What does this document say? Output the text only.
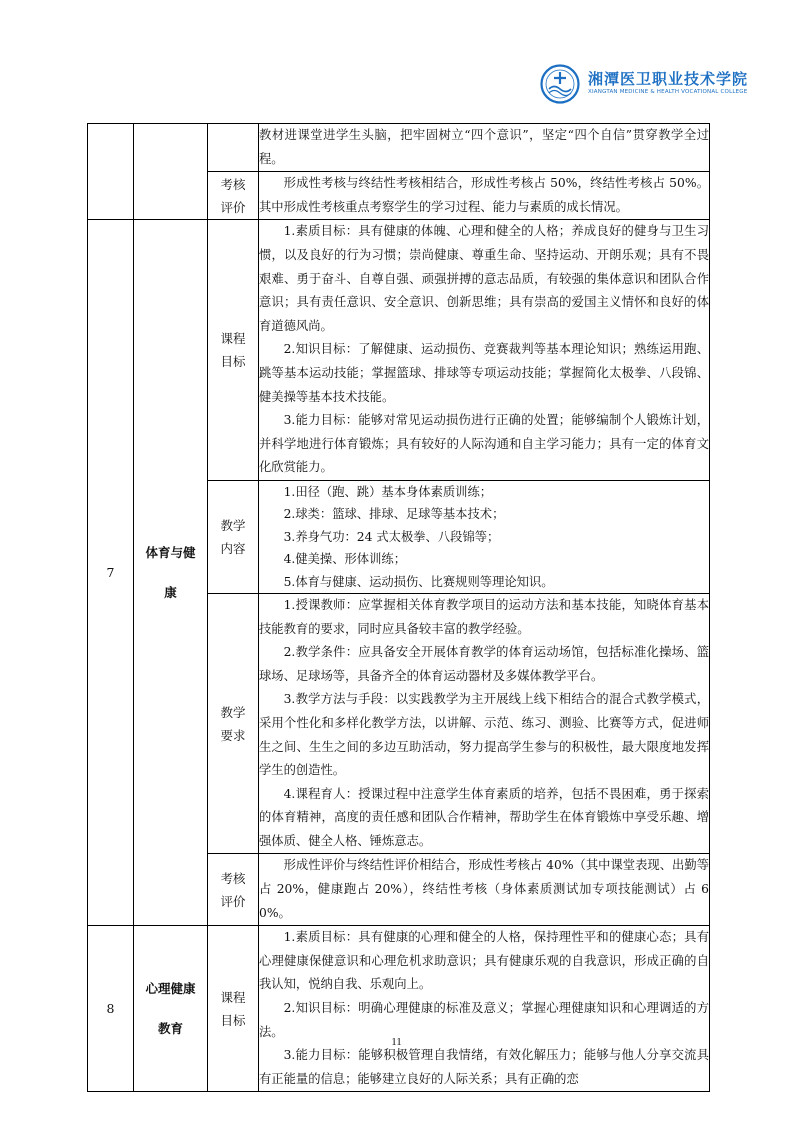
湘潭医卫职业技术学院
XIANGTAN MEDICINE & HEALTH VOCATIONAL COLLEGE

			教材进课堂进学生头脑，把牢固树立“四个意识”，坚定“四个自信”贯穿教学全过程。

		考核评价	形成性考核与终结性考核相结合，形成性考核占 50%，终结性考核占 50%。其中形成性考核重点考察学生的学习过程、能力与素质的成长情况。

7	体育与健康	课程目标	1.素质目标：具有健康的体魄、心理和健全的人格；养成良好的健身与卫生习惯，以及良好的行为习惯；崇尚健康、尊重生命、坚持运动、开朗乐观；具有不畏艰难、勇于奋斗、自尊自强、顽强拼搏的意志品质，有较强的集体意识和团队合作意识；具有责任意识、安全意识、创新思维；具有崇高的爱国主义情怀和良好的体育道德风尚。

2.知识目标：了解健康、运动损伤、竞赛裁判等基本理论知识；熟练运用跑、跳等基本运动技能；掌握篮球、排球等专项运动技能；掌握简化太极拳、八段锦、健美操等基本技术技能。

3.能力目标：能够对常见运动损伤进行正确的处置；能够编制个人锻炼计划，并科学地进行体育锻炼；具有较好的人际沟通和自主学习能力；具有一定的体育文化欣赏能力。

		教学内容	1.田径（跑、跳）基本身体素质训练；

2.球类：篮球、排球、足球等基本技术；

3.养身气功：24 式太极拳、八段锦等；

4.健美操、形体训练；

5.体育与健康、运动损伤、比赛规则等理论知识。

		教学要求	1.授课教师：应掌握相关体育教学项目的运动方法和基本技能，知晓体育基本技能教育的要求，同时应具备较丰富的教学经验。

2.教学条件：应具备安全开展体育教学的体育运动场馆，包括标准化操场、篮球场、足球场等，具备齐全的体育运动器材及多媒体教学平台。

3.教学方法与手段：以实践教学为主开展线上线下相结合的混合式教学模式，采用个性化和多样化教学方法，以讲解、示范、练习、测验、比赛等方式，促进师生之间、生生之间的多边互助活动，努力提高学生参与的积极性，最大限度地发挥学生的创造性。

4.课程育人：授课过程中注意学生体育素质的培养，包括不畏困难，勇于探索的体育精神，高度的责任感和团队合作精神，帮助学生在体育锻炼中享受乐趣、增强体质、健全人格、锤炼意志。

		考核评价	形成性评价与终结性评价相结合，形成性考核占 40%（其中课堂表现、出勤等占 20%，健康跑占 20%），终结性考核（身体素质测试加专项技能测试）占 60%。

8	心理健康教育	课程目标	1.素质目标：具有健康的心理和健全的人格，保持理性平和的健康心态；具有心理健康保健意识和心理危机求助意识；具有健康乐观的自我意识，形成正确的自我认知，悦纳自我、乐观向上。

2.知识目标：明确心理健康的标准及意义；掌握心理健康知识和心理调适的方法。

3.能力目标：能够积极管理自我情绪，有效化解压力；能够与他人分享交流具有正能量的信息；能够建立良好的人际关系；具有正确的恋

11
